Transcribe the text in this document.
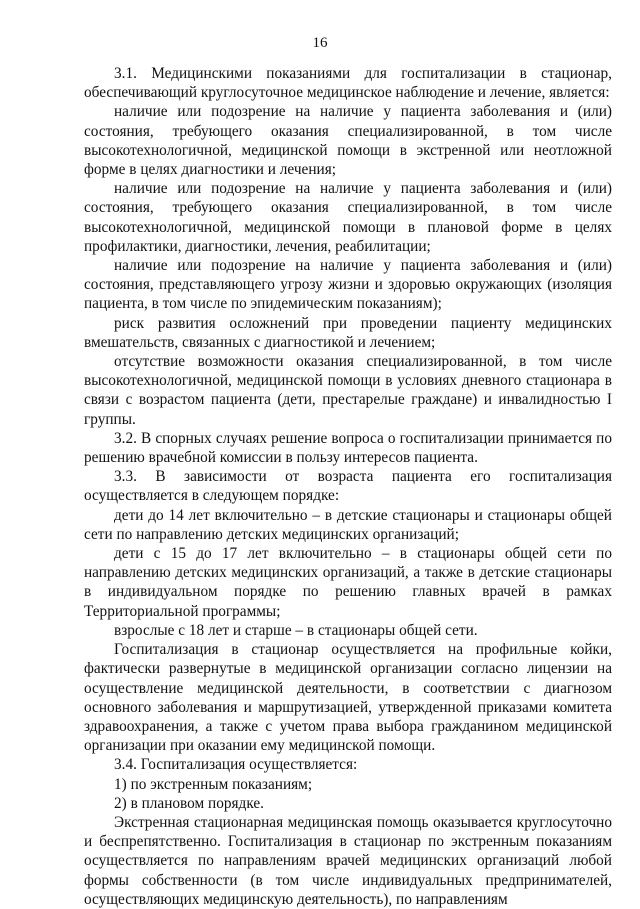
16

3.1. Медицинскими показаниями для госпитализации в стационар, обеспечивающий круглосуточное медицинское наблюдение и лечение, является:

наличие или подозрение на наличие у пациента заболевания и (или) состояния, требующего оказания специализированной, в том числе высокотехнологичной, медицинской помощи в экстренной или неотложной форме в целях диагностики и лечения;

наличие или подозрение на наличие у пациента заболевания и (или) состояния, требующего оказания специализированной, в том числе высокотехнологичной, медицинской помощи в плановой форме в целях профилактики, диагностики, лечения, реабилитации;

наличие или подозрение на наличие у пациента заболевания и (или) состояния, представляющего угрозу жизни и здоровью окружающих (изоляция пациента, в том числе по эпидемическим показаниям);

риск развития осложнений при проведении пациенту медицинских вмешательств, связанных с диагностикой и лечением;

отсутствие возможности оказания специализированной, в том числе высокотехнологичной, медицинской помощи в условиях дневного стационара в связи с возрастом пациента (дети, престарелые граждане) и инвалидностью I группы.

3.2. В спорных случаях решение вопроса о госпитализации принимается по решению врачебной комиссии в пользу интересов пациента.

3.3. В зависимости от возраста пациента его госпитализация осуществляется в следующем порядке:

дети до 14 лет включительно – в детские стационары и стационары общей сети по направлению детских медицинских организаций;

дети с 15 до 17 лет включительно – в стационары общей сети по направлению детских медицинских организаций, а также в детские стационары в индивидуальном порядке по решению главных врачей в рамках Территориальной программы;

взрослые с 18 лет и старше – в стационары общей сети.

Госпитализация в стационар осуществляется на профильные койки, фактически развернутые в медицинской организации согласно лицензии на осуществление медицинской деятельности, в соответствии с диагнозом основного заболевания и маршрутизацией, утвержденной приказами комитета здравоохранения, а также с учетом права выбора гражданином медицинской организации при оказании ему медицинской помощи.

3.4. Госпитализация осуществляется:

1) по экстренным показаниям;

2) в плановом порядке.

Экстренная стационарная медицинская помощь оказывается круглосуточно и беспрепятственно. Госпитализация в стационар по экстренным показаниям осуществляется по направлениям врачей медицинских организаций любой формы собственности (в том числе индивидуальных предпринимателей, осуществляющих медицинскую деятельность), по направлениям
